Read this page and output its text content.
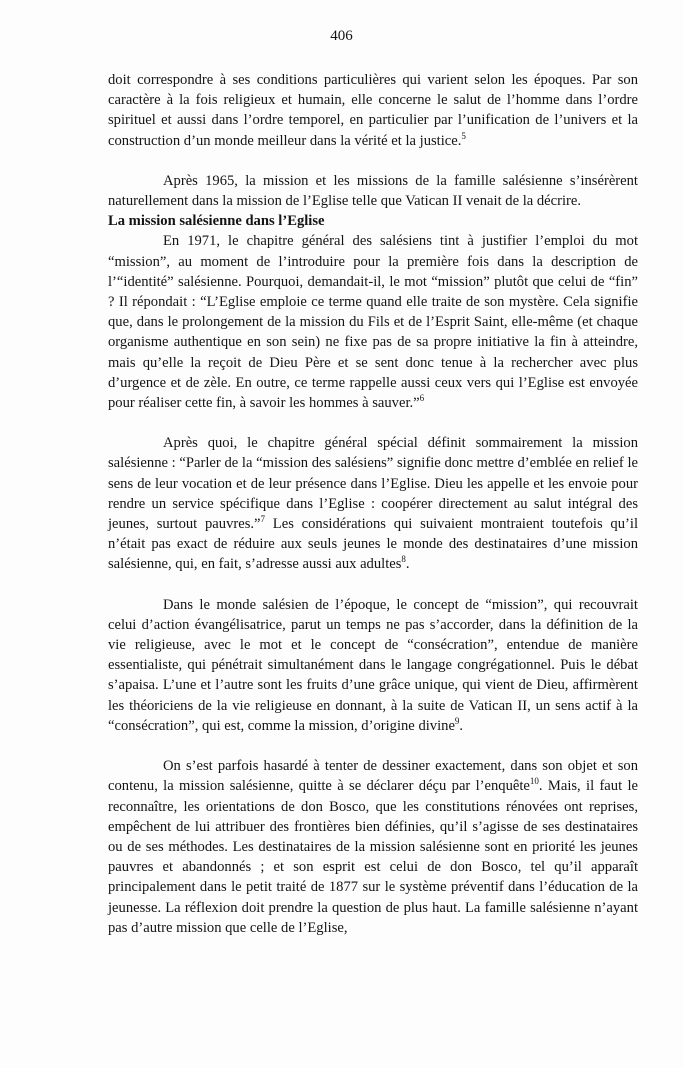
406

doit correspondre à ses conditions particulières qui varient selon les époques. Par son caractère à la fois religieux et humain, elle concerne le salut de l’homme dans l’ordre spirituel et aussi dans l’ordre temporel, en particulier par l’unification de l’univers et la construction d’un monde meilleur dans la vérité et la justice.$^5$

Après 1965, la mission et les missions de la famille salésienne s’insérèrent naturellement dans la mission de l’Eglise telle que Vatican II venait de la décrire.

La mission salésienne dans l’Eglise

En 1971, le chapitre général des salésiens tint à justifier l’emploi du mot “mission”, au moment de l’introduire pour la première fois dans la description de l’“identité” salésienne. Pourquoi, demandait-il, le mot “mission” plutôt que celui de “fin” ? Il répondait : “L’Eglise emploie ce terme quand elle traite de son mystère. Cela signifie que, dans le prolongement de la mission du Fils et de l’Esprit Saint, elle-même (et chaque organisme authentique en son sein) ne fixe pas de sa propre initiative la fin à atteindre, mais qu’elle la reçoit de Dieu Père et se sent donc tenue à la rechercher avec plus d’urgence et de zèle. En outre, ce terme rappelle aussi ceux vers qui l’Eglise est envoyée pour réaliser cette fin, à savoir les hommes à sauver.”$^6$

Après quoi, le chapitre général spécial définit sommairement la mission salésienne : “Parler de la “mission des salésiens” signifie donc mettre d’emblée en relief le sens de leur vocation et de leur présence dans l’Eglise. Dieu les appelle et les envoie pour rendre un service spécifique dans l’Eglise : coopérer directement au salut intégral des jeunes, surtout pauvres.”$^7$ Les considérations qui suivaient montraient toutefois qu’il n’était pas exact de réduire aux seuls jeunes le monde des destinataires d’une mission salésienne, qui, en fait, s’adresse aussi aux adultes$^8$.

Dans le monde salésien de l’époque, le concept de “mission”, qui recouvrait celui d’action évangélisatrice, parut un temps ne pas s’accorder, dans la définition de la vie religieuse, avec le mot et le concept de “consécration”, entendue de manière essentialiste, qui pénétrait simultanément dans le langage congrégationnel. Puis le débat s’apaisa. L’une et l’autre sont les fruits d’une grâce unique, qui vient de Dieu, affirmèrent les théoriciens de la vie religieuse en donnant, à la suite de Vatican II, un sens actif à la “consécration”, qui est, comme la mission, d’origine divine$^9$.

On s’est parfois hasardé à tenter de dessiner exactement, dans son objet et son contenu, la mission salésienne, quitte à se déclarer déçu par l’enquête$^{10}$. Mais, il faut le reconnaître, les orientations de don Bosco, que les constitutions rénovées ont reprises, empêchent de lui attribuer des frontières bien définies, qu’il s’agisse de ses destinataires ou de ses méthodes. Les destinataires de la mission salésienne sont en priorité les jeunes pauvres et abandonnés ; et son esprit est celui de don Bosco, tel qu’il apparaît principalement dans le petit traité de 1877 sur le système préventif dans l’éducation de la jeunesse. La réflexion doit prendre la question de plus haut. La famille salésienne n’ayant pas d’autre mission que celle de l’Eglise,
